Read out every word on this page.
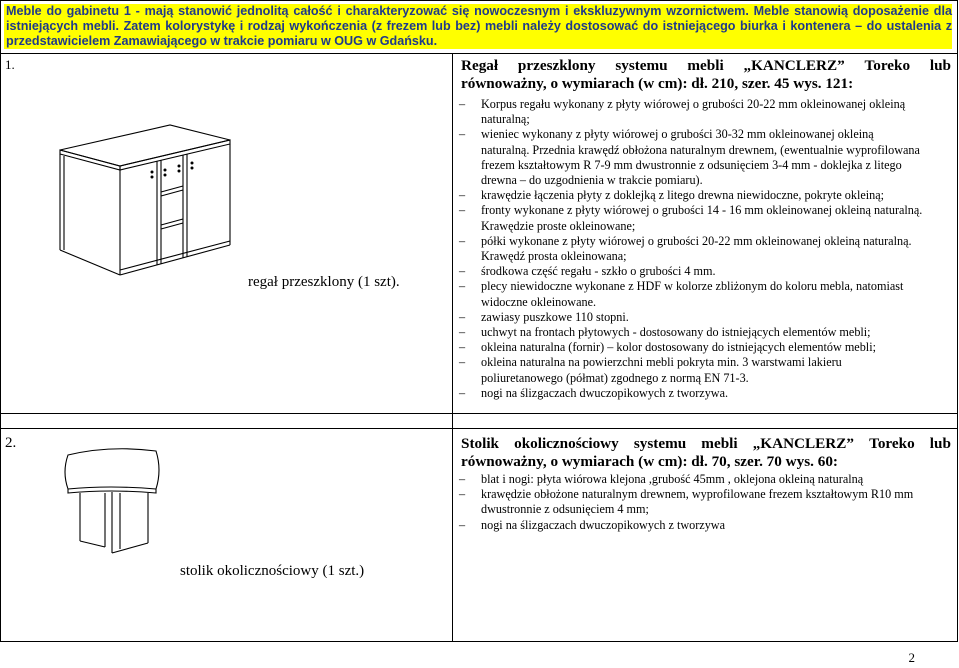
Meble do gabinetu 1 - mają stanowić jednolitą całość i charakteryzować się nowoczesnym i ekskluzywnym wzornictwem. Meble stanowią doposażenie dla istniejących mebli. Zatem kolorystykę i rodzaj wykończenia (z frezem lub bez) mebli należy dostosować do istniejącego biurka i kontenera – do ustalenia z przedstawicielem Zamawiającego w trakcie pomiaru w OUG w Gdańsku.
1.
regał przeszklony (1 szt).
Regał przeszklony systemu mebli „KANCLERZ” Toreko lub
równoważny, o wymiarach (w cm): dł. 210, szer. 45 wys. 121:
– Korpus regału wykonany z płyty wiórowej o grubości 20-22 mm okleinowanej okleiną
naturalną;
– wieniec wykonany z płyty wiórowej o grubości 30-32 mm okleinowanej okleiną
naturalną. Przednia krawędź obłożona naturalnym drewnem, (ewentualnie wyprofilowana
frezem kształtowym R 7-9 mm dwustronnie z odsunięciem 3-4 mm - doklejka z litego
drewna – do uzgodnienia w trakcie pomiaru).
– krawędzie łączenia płyty z doklejką z litego drewna niewidoczne, pokryte okleiną;
– fronty wykonane z płyty wiórowej o grubości 14 - 16 mm okleinowanej okleiną naturalną.
Krawędzie proste okleinowane;
– półki wykonane z płyty wiórowej o grubości 20-22 mm okleinowanej okleiną naturalną.
Krawędź prosta okleinowana;
– środkowa część regału - szkło o grubości 4 mm.
– plecy niewidoczne wykonane z HDF w kolorze zbliżonym do koloru mebla, natomiast
widoczne okleinowane.
– zawiasy puszkowe 110 stopni.
– uchwyt na frontach płytowych - dostosowany do istniejących elementów mebli;
– okleina naturalna (fornir) – kolor dostosowany do istniejących elementów mebli;
– okleina naturalna na powierzchni mebli pokryta min. 3 warstwami lakieru
poliuretanowego (półmat) zgodnego z normą EN 71-3.
– nogi na ślizgaczach dwuczopikowych z tworzywa.
2.
stolik okolicznościowy (1 szt.)
Stolik okolicznościowy systemu mebli „KANCLERZ” Toreko lub
równoważny, o wymiarach (w cm): dł. 70, szer. 70 wys. 60:
– blat i nogi: płyta wiórowa klejona ,grubość 45mm , oklejona okleiną naturalną
– krawędzie obłożone naturalnym drewnem, wyprofilowane frezem kształtowym R10 mm
dwustronnie z odsunięciem 4 mm;
– nogi na ślizgaczach dwuczopikowych z tworzywa
2
